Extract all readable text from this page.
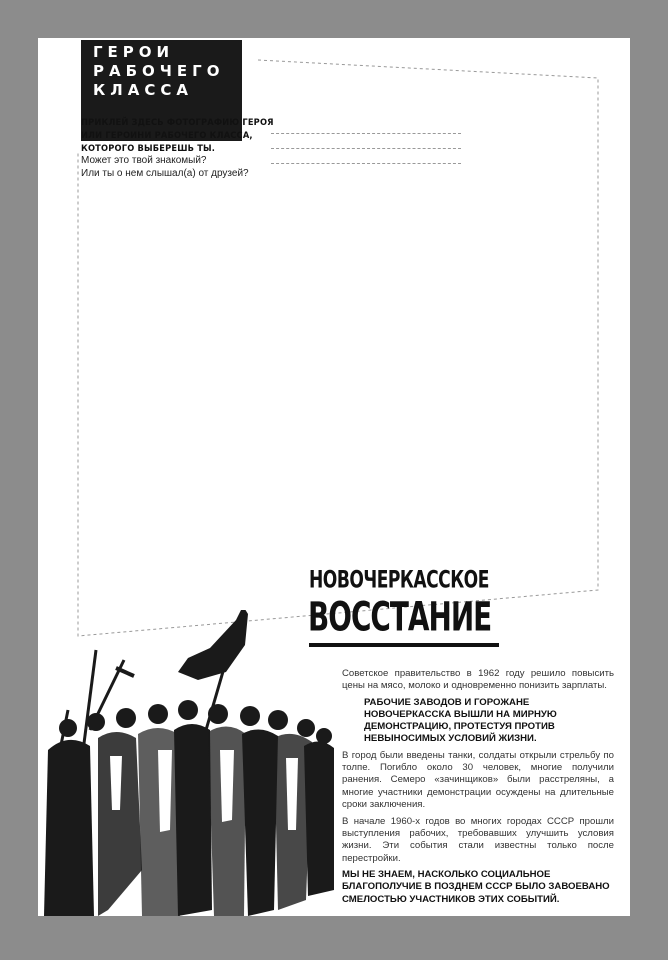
ГЕРОИ
РАБОЧЕГО
КЛАССА
ПРИКЛЕЙ ЗДЕСЬ ФОТОГРАФИЮ ГЕРОЯ
ИЛИ ГЕРОИНИ РАБОЧЕГО КЛАССА,
КОТОРОГО ВЫБЕРЕШЬ ТЫ.
Может это твой знакомый?
Или ты о нем слышал(а) от друзей?
НОВОЧЕРКАССКОЕ
ВОССТАНИЕ

Советское правительство в 1962 году решило повысить цены на мясо, молоко и одновременно понизить зарплаты.

РАБОЧИЕ ЗАВОДОВ И ГОРОЖАНЕ НОВОЧЕРКАССКА ВЫШЛИ НА МИРНУЮ ДЕМОНСТРАЦИЮ, ПРОТЕСТУЯ ПРОТИВ НЕВЫНОСИМЫХ УСЛОВИЙ ЖИЗНИ.

В город были введены танки, солдаты открыли стрельбу по толпе. Погибло около 30 человек, многие получили ранения. Семеро «зачинщиков» были расстреляны, а многие участники демонстрации осуждены на длительные сроки заключения.

В начале 1960-х годов во многих городах СССР прошли выступления рабочих, требовавших улучшить условия жизни. Эти события стали известны только после перестройки.

МЫ НЕ ЗНАЕМ, НАСКОЛЬКО СОЦИАЛЬНОЕ БЛАГОПОЛУЧИЕ В ПОЗДНЕМ СССР БЫЛО ЗАВОЕВАНО СМЕЛОСТЬЮ УЧАСТНИКОВ ЭТИХ СОБЫТИЙ.
